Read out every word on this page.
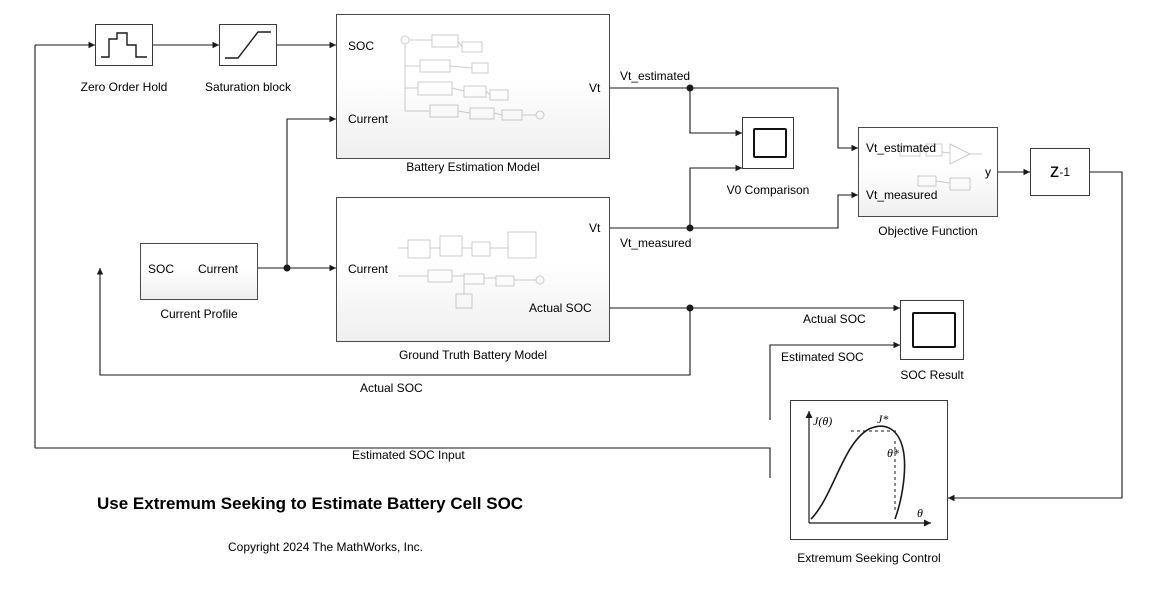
Zero Order Hold	Saturation block
SOC
Current
Vt
Battery Estimation Model
Current
Vt
Actual SOC
Ground Truth Battery Model
SOC Current
Current Profile
V0 Comparison
Vt_estimated
Vt_measured
y
Objective Function
z -1
SOC Result
J(θ)	J*
θ*
θ
Extremum Seeking Control
Vt_estimated
Vt_measured
Actual SOC
Actual SOC
Estimated SOC
Estimated SOC Input
Use Extremum Seeking to Estimate Battery Cell SOC
Copyright 2024 The MathWorks, Inc.
